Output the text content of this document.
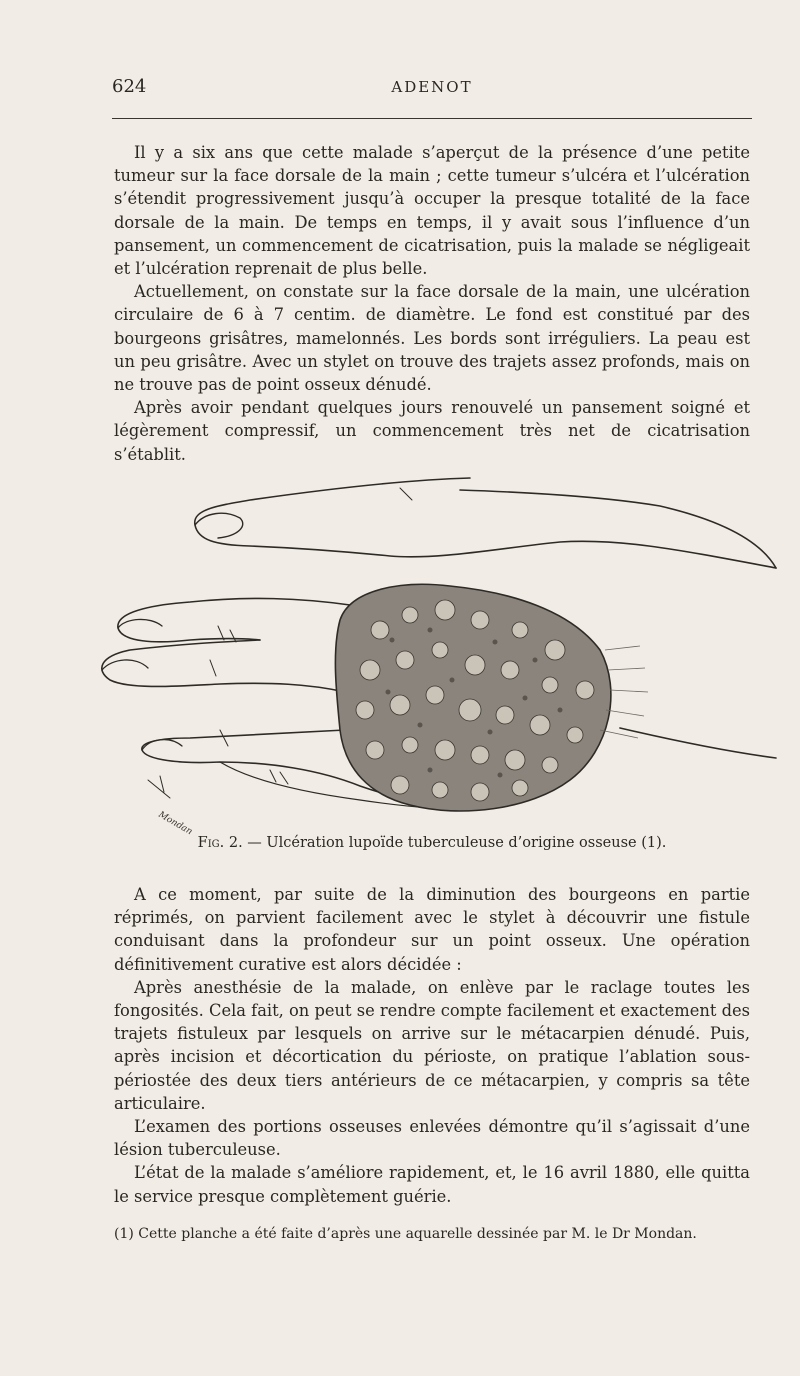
624	ADENOT

Il y a six ans que cette malade s’aperçut de la présence d’une petite tumeur sur la face dorsale de la main ; cette tumeur s’ulcéra et l’ulcération s’étendit progressivement jusqu’à occuper la presque totalité de la face dorsale de la main. De temps en temps, il y avait sous l’influence d’un pansement, un commencement de cicatrisation, puis la malade se négligeait et l’ulcération reprenait de plus belle.

Actuellement, on constate sur la face dorsale de la main, une ulcération circulaire de 6 à 7 centim. de diamètre. Le fond est constitué par des bourgeons grisâtres, mamelonnés. Les bords sont irréguliers. La peau est un peu grisâtre. Avec un stylet on trouve des trajets assez profonds, mais on ne trouve pas de point osseux dénudé.

Après avoir pendant quelques jours renouvelé un pansement soigné et légèrement compressif, un commencement très net de cicatrisation s’établit.

Mondan
Fig. 2. — Ulcération lupoïde tuberculeuse d’origine osseuse (1).

A ce moment, par suite de la diminution des bourgeons en partie réprimés, on parvient facilement avec le stylet à découvrir une fistule conduisant dans la profondeur sur un point osseux. Une opération définitivement curative est alors décidée :

Après anesthésie de la malade, on enlève par le raclage toutes les fongosités. Cela fait, on peut se rendre compte facilement et exactement des trajets fistuleux par lesquels on arrive sur le métacarpien dénudé. Puis, après incision et décortication du périoste, on pratique l’ablation sous-périostée des deux tiers antérieurs de ce métacarpien, y compris sa tête articulaire.

L’examen des portions osseuses enlevées démontre qu’il s’agissait d’une lésion tuberculeuse.

L’état de la malade s’améliore rapidement, et, le 16 avril 1880, elle quitta le service presque complètement guérie.

(1) Cette planche a été faite d’après une aquarelle dessinée par M. le Dr Mondan.
